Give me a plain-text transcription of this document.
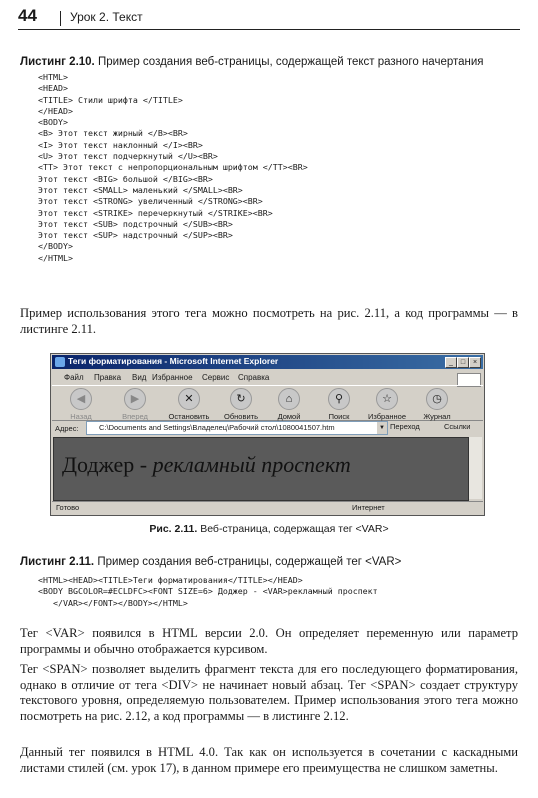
44	Урок 2. Текст
Листинг 2.10. Пример создания веб-страницы, содержащей текст разного начертания
<HTML>
<HEAD>
<TITLE> Стили шрифта </TITLE>
</HEAD>
<BODY>
<B> Этот текст жирный </B><BR>
<I> Этот текст наклонный </I><BR>
<U> Этот текст подчеркнутый </U><BR>
<TT> Этот текст с непропорциональным шрифтом </TT><BR>
Этот текст <BIG> большой </BIG><BR>
Этот текст <SMALL> маленький </SMALL><BR>
Этот текст <STRONG> увеличенный </STRONG><BR>
Этот текст <STRIKE> перечеркнутый </STRIKE><BR>
Этот текст <SUB> подстрочный </SUB><BR>
Этот текст <SUP> надстрочный </SUP><BR>
</BODY>
</HTML>

Пример использования этого тега можно посмотреть на рис. 2.11, а код программы — в листинге 2.11.

Теги форматирования - Microsoft Internet Explorer	_	□	×
Файл Правка Вид Избранное Сервис Справка
◀
Назад
▶
Вперед
✕
Остановить
↻
Обновить
⌂
Домой
⚲
Поиск
☆
Избранное
◷
Журнал
Адрес:	C:\Documents and Settings\Владелец\Рабочий стол\1080041507.htm	▼ Переход	Ссылки
Доджер - рекламный проспект
Готово	Интернет
Рис. 2.11. Веб-страница, содержащая тег <VAR>
Листинг 2.11. Пример создания веб-страницы, содержащей тег <VAR>
<HTML><HEAD><TITLE>Теги форматирования</TITLE></HEAD>
<BODY BGCOLOR=#ECLDFC><FONT SIZE=6> Доджер - <VAR>рекламный проспект
</VAR></FONT></BODY></HTML>

Тег <VAR> появился в HTML версии 2.0. Он определяет переменную или параметр программы и обычно отображается курсивом.

Тег <SPAN> позволяет выделить фрагмент текста для его последующего форматирования, однако в отличие от тега <DIV> не начинает новый абзац. Тег <SPAN> создает структуру текстового уровня, определяемую пользователем. Пример использования этого тега можно посмотреть на рис. 2.12, а код программы — в листинге 2.12.

Данный тег появился в HTML 4.0. Так как он используется в сочетании с каскадными листами стилей (см. урок 17), в данном примере его преимущества не слишком заметны.
